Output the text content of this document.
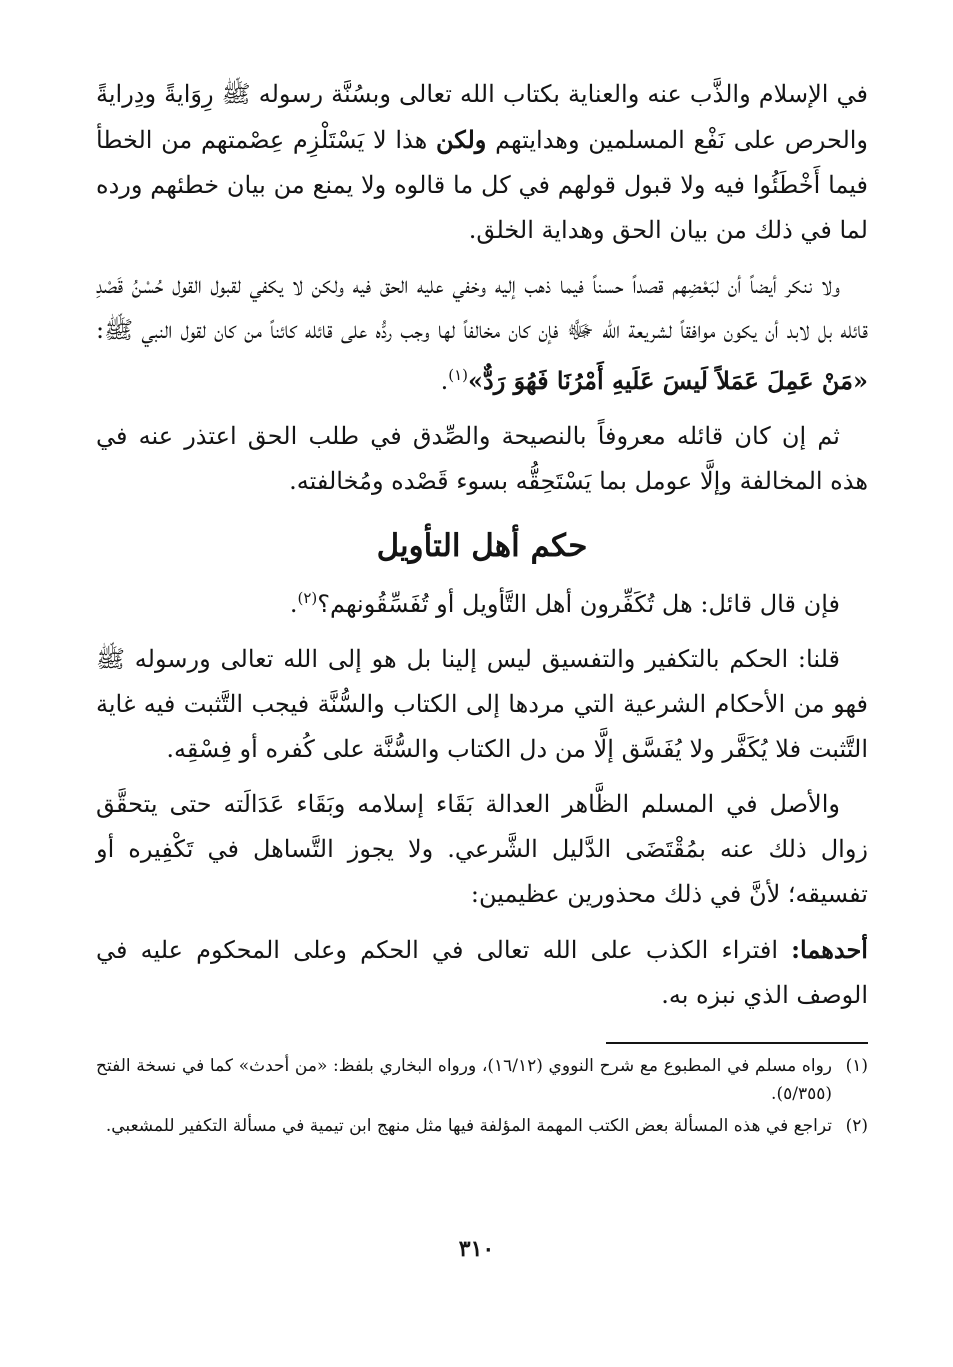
في الإسلام والذَّب عنه والعناية بكتاب الله تعالى وبسُنَّة رسوله ﷺ رِوَايةً ودِرايةً والحرص على نَفْع المسلمين وهدايتهم ولكن هذا لا يَسْتَلْزِم عِصْمتهم من الخطأ فيما أَخْطَئُوا فيه ولا قبول قولهم في كل ما قالوه ولا يمنع من بيان خطئهم ورده لما في ذلك من بيان الحق وهداية الخلق.

ولا ننكر أيضاً أن لبَعْضِهم قصداً حسناً فيما ذهب إليه وخفي عليه الحق فيه ولكن لا يكفي لقبول القول حُسْنُ قَصْدِ قائله بل لابد أن يكون موافقاً لشريعة الله ﷻ فإن كان مخالفاً لها وجب ردُّه على قائله كائناً من كان لقول النبي ﷺ: «مَنْ عَمِلَ عَمَلاً لَيسَ عَلَيهِ أَمْرُنَا فَهُوَ رَدٌّ»$^{(١)}$.

ثم إن كان قائله معروفاً بالنصيحة والصِّدق في طلب الحق اعتذر عنه في هذه المخالفة وإلَّا عومل بما يَسْتَحِقُّه بسوء قَصْده ومُخالفته.

حكم أهل التأويل

فإن قال قائل: هل تُكَفِّرون أهل التَّأويل أو تُفَسِّقُونهم؟$^{(٢)}$.

قلنا: الحكم بالتكفير والتفسيق ليس إلينا بل هو إلى الله تعالى ورسوله ﷺ فهو من الأحكام الشرعية التي مردها إلى الكتاب والسُّنَّة فيجب التَّثبت فيه غاية التَّثبت فلا يُكَفَّر ولا يُفَسَّق إلَّا من دل الكتاب والسُّنَّة على كُفره أو فِسْقِه.

والأصل في المسلم الظَّاهر العدالة بَقَاء إسلامه وبَقَاء عَدَالَته حتى يتحقَّق زوال ذلك عنه بمُقْتَضَى الدَّليل الشَّرعي. ولا يجوز التَّساهل في تَكْفِيره أو تفسيقه؛ لأنَّ في ذلك محذورين عظيمين:

أحدهما: افتراء الكذب على الله تعالى في الحكم وعلى المحكوم عليه في الوصف الذي نبزه به.

(١)
رواه مسلم في المطبوع مع شرح النووي (١٦/١٢)، ورواه البخاري بلفظ: «من أحدث» كما في نسخة الفتح (٥/٣٥٥).
(٢)
تراجع في هذه المسألة بعض الكتب المهمة المؤلفة فيها مثل منهج ابن تيمية في مسألة التكفير للمشعبي.
٣١٠
